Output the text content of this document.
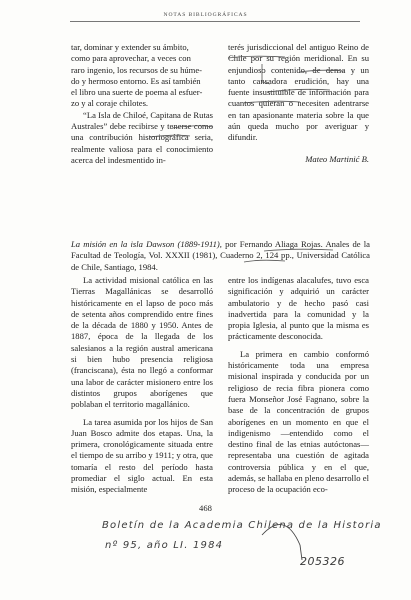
NOTAS BIBLIOGRÁFICAS

tar, dominar y extender su ámbito,

como para aprovechar, a veces con

raro ingenio, los recursos de su húme-

do y hermoso entorno. Es así también

el libro una suerte de poema al esfuer-

zo y al coraje chilotes.

“La Isla de Chiloé, Capitana de Rutas Australes” debe recibirse y tenerse como una contribución historiográfica seria, realmente valiosa para el conocimiento acerca del indesmentido in-

terés jurisdiccional del antiguo Reino de Chile por su región meridional. En su enjundioso contenido, de densa y un tanto cansadora erudición, hay una fuente insustituible de información para cuantos quieran o necesiten adentrarse en tan apasionante materia sobre la que aún queda mucho por averiguar y difundir.

Mateo Martinić B.
La misión en la isla Dawson (1889-1911), por Fernando Aliaga Rojas. Anales de la Facultad de Teología, Vol. XXXII (1981), Cuaderno 2, 124 pp., Universidad Católica de Chile, Santiago, 1984.

La actividad misional católica en las Tierras Magallánicas se desarrolló históricamente en el lapso de poco más de setenta años comprendido entre fines de la década de 1880 y 1950. Antes de 1887, época de la llegada de los salesianos a la región austral americana si bien hubo presencia religiosa (franciscana), ésta no llegó a conformar una labor de carácter misionero entre los distintos grupos aborígenes que poblaban el territorio magallánico.

La tarea asumida por los hijos de San Juan Bosco admite dos etapas. Una, la primera, cronológicamente situada entre el tiempo de su arribo y 1911; y otra, que tomaría el resto del período hasta promediar el siglo actual. En esta misión, especialmente

entre los indígenas alacalufes, tuvo esca significación y adquirió un carácter ambulatorio y de hecho pasó casi inadvertida para la comunidad y la propia Iglesia, al punto que la misma es prácticamente desconocida.

La primera en cambio conformó históricamente toda una empresa misional inspirada y conducida por un religioso de recia fibra pionera como fuera Monseñor José Fagnano, sobre la base de la concentración de grupos aborígenes en un momento en que el indigenismo —entendido como el destino final de las etnias autóctonas— representaba una cuestión de agitada controversia pública y en el que, además, se hallaba en pleno desarrollo el proceso de la ocupación eco-

468
Boletín de la Academia Chilena de la Historia
nº 95, año LI. 1984
205326
